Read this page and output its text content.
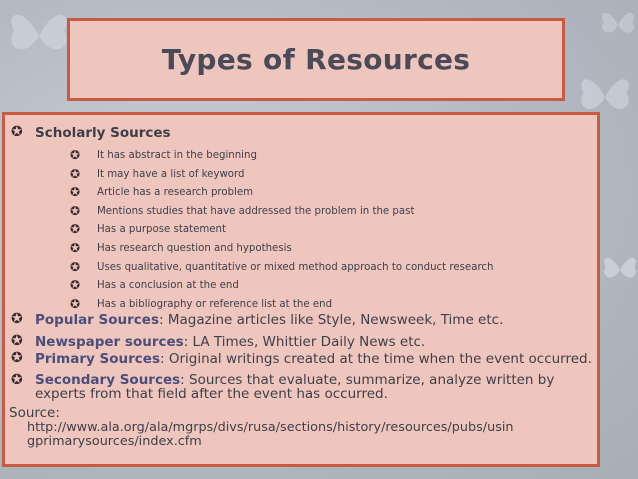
Types of Resources
✪ Scholarly Sources
✪	It has abstract in the beginning
✪	It may have a list of keyword
✪	Article has a research problem
✪	Mentions studies that have addressed the problem in the past
✪	Has a purpose statement
✪	Has research question and hypothesis
✪	Uses qualitative, quantitative or mixed method approach to conduct research
✪	Has a conclusion at the end
✪	Has a bibliography or reference list at the end
✪ Popular Sources: Magazine articles like Style, Newsweek, Time etc.
✪ Newspaper sources: LA Times, Whittier Daily News etc.
✪ Primary Sources: Original writings created at the time when the event occurred.
✪ Secondary Sources: Sources that evaluate, summarize, analyze written by
experts from that field after the event has occurred.
Source:
http://www.ala.org/ala/mgrps/divs/rusa/sections/history/resources/pubs/usin
gprimarysources/index.cfm
